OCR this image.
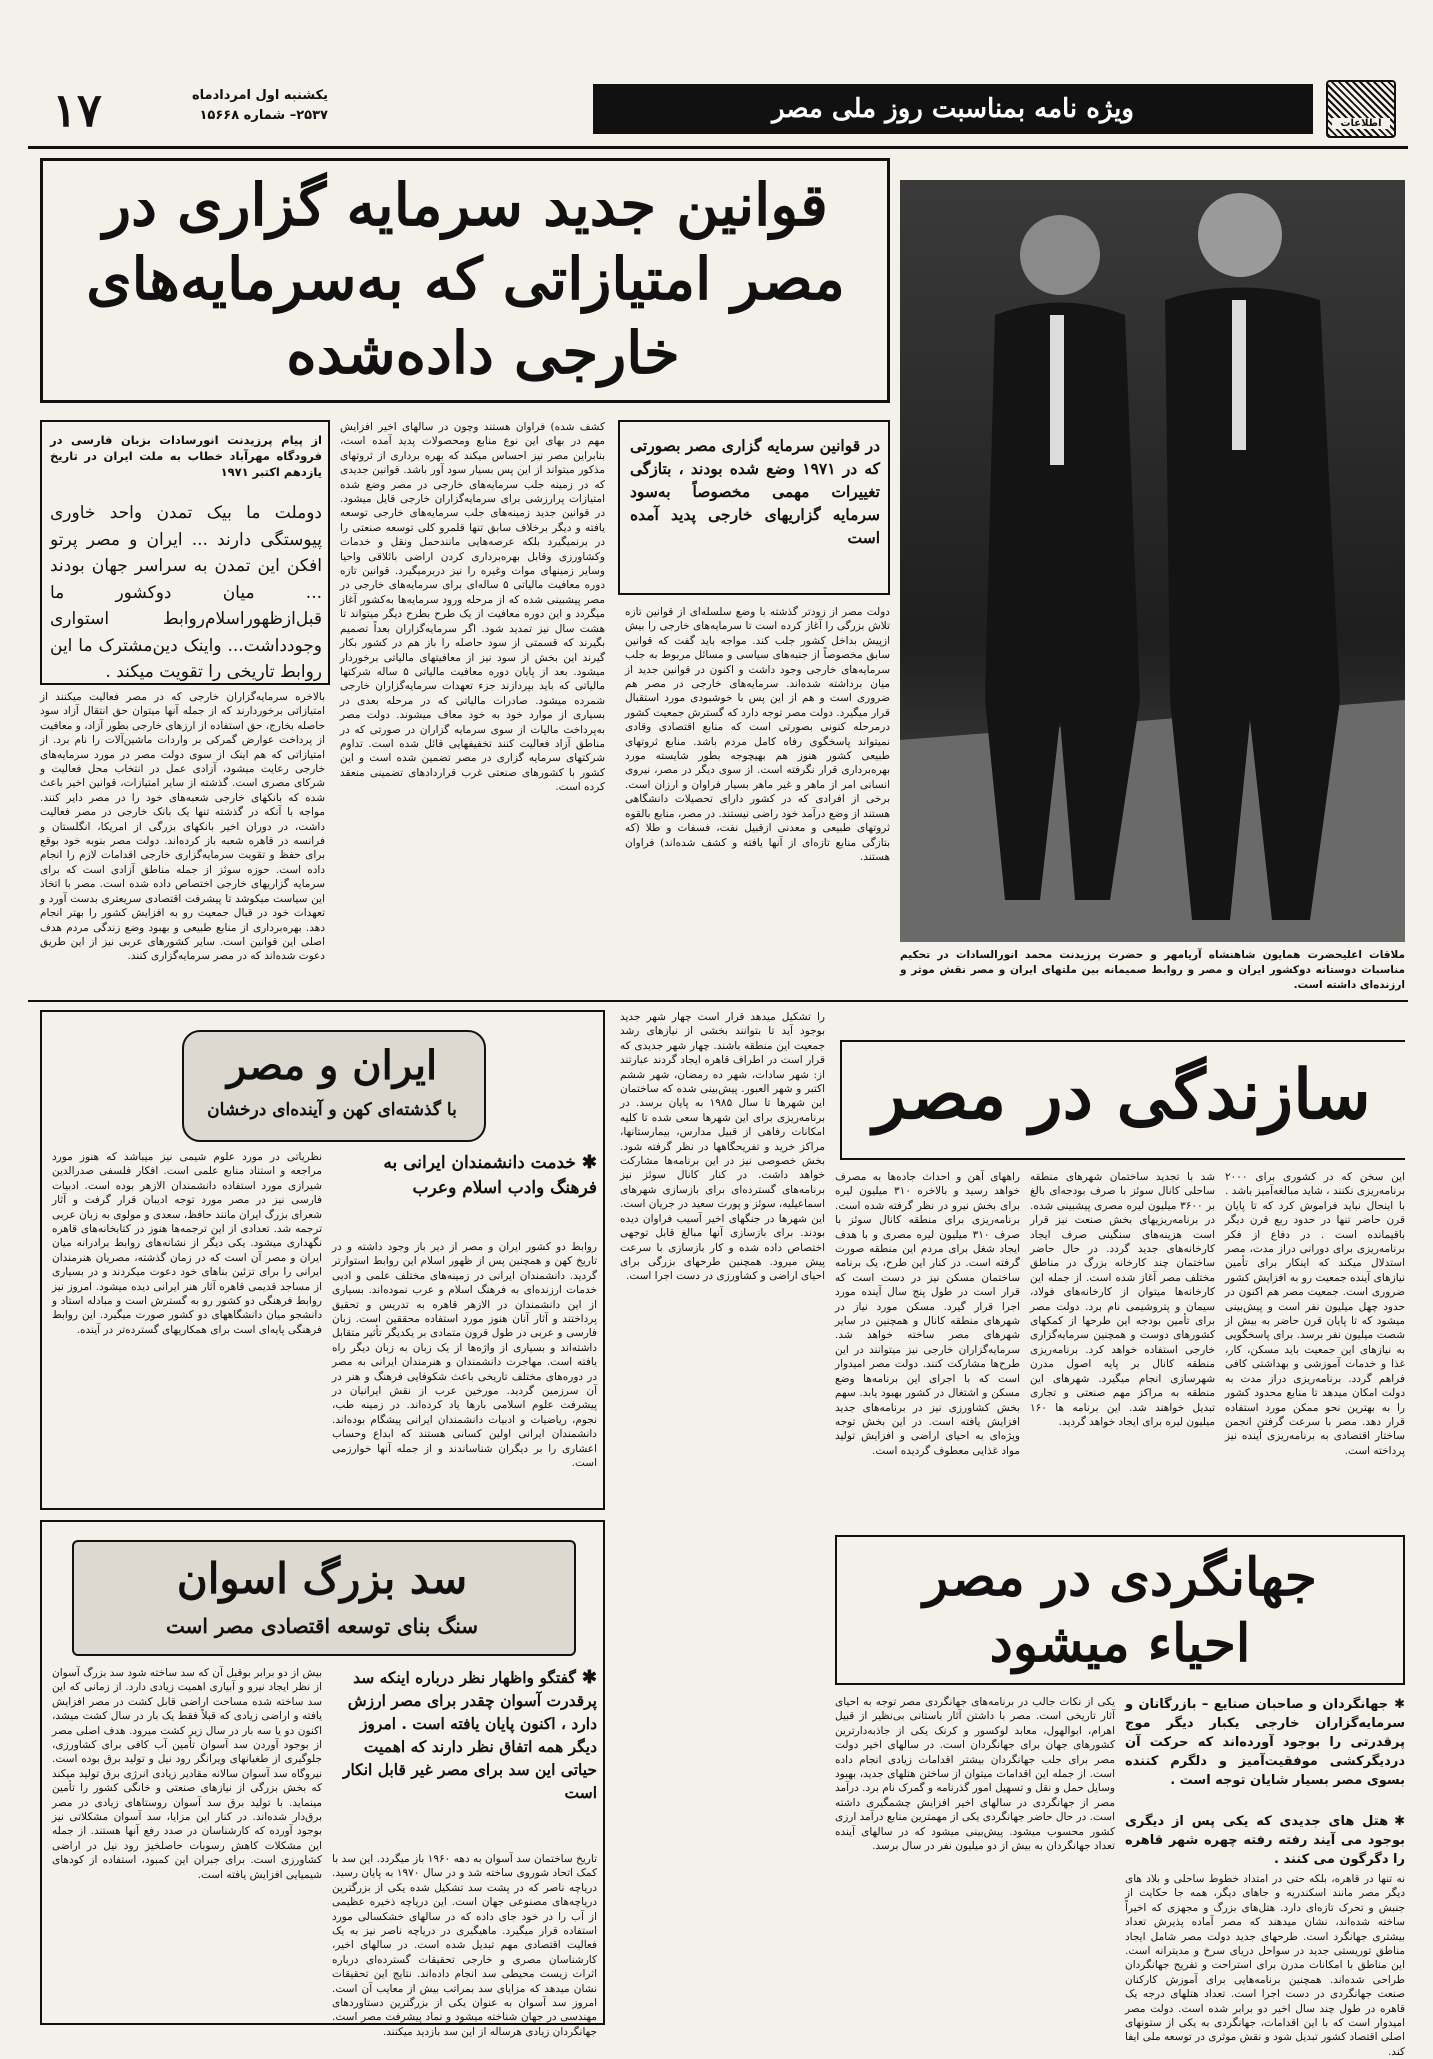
١٧	یکشنبه اول امردادماه
۲۵۳۷– شماره ۱۵۶۶۸	ویژه نامه بمناسبت روز ملی مصر	اطلاعات
قوانین جدید سرمایه گزاری در
مصر امتیازاتی که به‌سرمایه‌های
خارجی داده‌شده
در قوانین سرمایه گزاری مصر بصورتی که در ۱۹۷۱ وضع شده بودند ، بتازگی تغییرات مهمی مخصوصاً به‌سود سرمایه گزاریهای خارجی پدید آمده است
کشف شده) فراوان هستند وچون در سالهای اخیر افزایش مهم در بهای این نوع منابع ومحصولات پدید آمده است، بنابراین مصر نیز احساس میکند که بهره برداری از ثروتهای مذکور میتواند از این پس بسیار سود آور باشد. قوانین جدیدی که در زمینه جلب سرمایه‌های خارجی در مصر وضع شده امتیازات پرارزشی برای سرمایه‌گزاران خارجی قایل میشود. در قوانین جدید زمینه‌های جلب سرمایه‌های خارجی توسعه یافته و دیگر برخلاف سابق تنها قلمرو کلی توسعه صنعتی را در برنمیگیرد بلکه عرصه‌هایی مانندحمل ونقل و خدمات وکشاورزی وقابل بهره‌برداری کردن اراضی بائلاقی واحیا وسایر زمینهای موات وغیره را نیز دربرمیگیرد. قوانین تازه دوره معافیت مالیاتی ۵ ساله‌ای برای سرمایه‌های خارجی در مصر پیشبینی شده که از مرحله ورود سرمایه‌ها به‌کشور آغاز میگردد و این دوره معافیت از یک طرح بطرح دیگر میتواند تا هشت سال نیز تمدید شود. اگر سرمایه‌گزاران بعداً تصمیم بگیرند که قسمتی از سود حاصله را باز هم در کشور بکار گیرند این بخش از سود نیز از معافیتهای مالیاتی برخوردار میشود. بعد از پایان دوره معافیت مالیاتی ۵ ساله شرکتها مالیاتی که باید بپردازند جزء تعهدات سرمایه‌گزاران خارجی شمرده میشود. صادرات مالیاتی که در مرحله بعدی در بسیاری از موارد خود به خود معاف میشوند. دولت مصر به‌پرداخت مالیات از سوی سرمایه گزاران در صورتی که در مناطق آزاد فعالیت کنند تخفیفهایی قائل شده است. تداوم شرکتهای سرمایه گزاری در مصر تضمین شده است و این کشور با کشورهای صنعتی غرب قراردادهای تضمینی منعقد کرده است.
دولت مصر از زودتر گذشته با وضع سلسله‌ای از قوانین تازه تلاش بزرگی را آغاز کرده است تا سرمایه‌های خارجی را بیش ازپیش بداخل کشور جلب کند. مواجه باید گفت که قوانین سابق مخصوصاً از جنبه‌های سیاسی و مسائل مربوط به جلب سرمایه‌های خارجی وجود داشت و اکنون در قوانین جدید از میان برداشته شده‌اند. سرمایه‌های خارجی در مصر هم ضروری است و هم از این پس با خوشبودی مورد استقبال قرار میگیرد. دولت مصر توجه دارد که گسترش جمعیت کشور درمرحله کنونی بصورتی است که منابع اقتصادی وقادی نمیتواند پاسخگوی رفاه کامل مردم باشد. منابع ثروتهای طبیعی کشور هنوز هم بهیچوجه بطور شایسته مورد بهره‌برداری قرار نگرفته است. از سوی دیگر در مصر، نیروی انسانی امر از ماهر و غیر ماهر بسیار فراوان و ارزان است. برخی از افرادی که در کشور دارای تحصیلات دانشگاهی هستند از وضع درآمد خود راضی نیستند. در مصر، منابع بالقوه ثروتهای طبیعی و معدنی ازقبیل نفت، فسفات و طلا (که بتازگی منابع تازه‌ای از آنها یافته و کشف شده‌اند) فراوان هستند.
بالاخره سرمایه‌گزاران خارجی که در مصر فعالیت میکنند از امتیازاتی برخوردارند که از جمله آنها میتوان حق انتقال آزاد سود حاصله بخارج، حق استفاده از ارزهای خارجی بطور آزاد، و معافیت از پرداخت عوارض گمرکی بر واردات ماشین‌آلات را نام برد. از امتیازاتی که هم اینک از سوی دولت مصر در مورد سرمایه‌های خارجی رعایت میشود، آزادی عمل در انتخاب محل فعالیت و شرکای مصری است. گذشته از سایر امتیازات، قوانین اخیر باعث شده که بانکهای خارجی شعبه‌های خود را در مصر دایر کنند. مواجه با آنکه در گذشته تنها یک بانک خارجی در مصر فعالیت داشت، در دوران اخیر بانکهای بزرگی از امریکا، انگلستان و فرانسه در قاهره شعبه باز کرده‌اند. دولت مصر بنوبه خود بوقع برای حفظ و تقویت سرمایه‌گزاری خارجی اقدامات لازم را انجام داده است. حوزه سوئز از جمله مناطق آزادی است که برای سرمایه گزاریهای خارجی اختصاص داده شده است. مصر با اتخاذ این سیاست میکوشد تا پیشرفت اقتصادی سریعتری بدست آورد و تعهدات خود در قبال جمعیت رو به افزایش کشور را بهتر انجام دهد. بهره‌برداری از منابع طبیعی و بهبود وضع زندگی مردم هدف اصلی این قوانین است. سایر کشورهای عربی نیز از این طریق دعوت شده‌اند که در مصر سرمایه‌گزاری کنند.
از پیام پرزیدنت انورسادات بزبان فارسی در فرودگاه مهرآباد خطاب به ملت ایران در تاریخ یازدهم اکتبر ۱۹۷۱
دوملت ما بیک تمدن واحد خاوری پیوستگی دارند ... ایران و مصر پرتو افکن این تمدن به سراسر جهان بودند ... میان دوکشور ما قبل‌ازظهوراسلام‌روابط استواری وجودداشت... واینک دین‌مشترک ما این روابط تاریخی را تقویت میکند .
ملاقات اعلیحضرت همایون شاهنشاه آریامهر و حضرت پرزیدنت محمد انورالسادات در تحکیم مناسبات دوستانه دوکشور ایران و مصر و روابط صمیمانه بین ملتهای ایران و مصر نقش موثر و ارزنده‌ای داشته است.
ایران و مصر
با گذشته‌ای کهن و آینده‌ای درخشان
✱خدمت دانشمندان ایرانی به فرهنگ وادب اسلام وعرب
روابط دو کشور ایران و مصر از دیر باز وجود داشته و در تاریخ کهن و همچنین پس از ظهور اسلام این روابط استوارتر گردید. دانشمندان ایرانی در زمینه‌های مختلف علمی و ادبی خدمات ارزنده‌ای به فرهنگ اسلام و عرب نموده‌اند. بسیاری از این دانشمندان در الازهر قاهره به تدریس و تحقیق پرداختند و آثار آنان هنوز مورد استفاده محققین است. زبان فارسی و عربی در طول قرون متمادی بر یکدیگر تأثیر متقابل داشته‌اند و بسیاری از واژه‌ها از یک زبان به زبان دیگر راه یافته است. مهاجرت دانشمندان و هنرمندان ایرانی به مصر در دوره‌های مختلف تاریخی باعث شکوفایی فرهنگ و هنر در آن سرزمین گردید. مورخین عرب از نقش ایرانیان در پیشرفت علوم اسلامی بارها یاد کرده‌اند. در زمینه طب، نجوم، ریاضیات و ادبیات دانشمندان ایرانی پیشگام بوده‌اند. دانشمندان ایرانی اولین کسانی هستند که ابداع وحساب اعشاری را بر دیگران شناساندند و از جمله آنها خوارزمی است.
نظریاتی در مورد علوم شیمی نیز میباشد که هنوز مورد مراجعه و استناد منابع علمی است. افکار فلسفی صدرالدین شیرازی مورد استفاده دانشمندان الازهر بوده است. ادبیات فارسی نیز در مصر مورد توجه ادیبان قرار گرفت و آثار شعرای بزرگ ایران مانند حافظ، سعدی و مولوی به زبان عربی ترجمه شد. تعدادی از این ترجمه‌ها هنوز در کتابخانه‌های قاهره نگهداری میشود. یکی دیگر از نشانه‌های روابط برادرانه میان ایران و مصر آن است که در زمان گذشته، مصریان هنرمندان ایرانی را برای تزئین بناهای خود دعوت میکردند و در بسیاری از مساجد قدیمی قاهره آثار هنر ایرانی دیده میشود. امروز نیز روابط فرهنگی دو کشور رو به گسترش است و مبادله استاد و دانشجو میان دانشگاههای دو کشور صورت میگیرد. این روابط فرهنگی پایه‌ای است برای همکاریهای گسترده‌تر در آینده.
سد بزرگ اسوان
سنگ بنای توسعه اقتصادی مصر است
✱گفتگو واظهار نظر درباره اینکه سد پرقدرت آسوان چقدر برای مصر ارزش دارد ، اکنون پایان یافته است . امروز دیگر همه اتفاق نظر دارند که اهمیت حیاتی این سد برای مصر غیر قابل انکار است
تاریخ ساختمان سد آسوان به دهه ۱۹۶۰ باز میگردد. این سد با کمک اتحاد شوروی ساخته شد و در سال ۱۹۷۰ به پایان رسید. دریاچه ناصر که در پشت سد تشکیل شده یکی از بزرگترین دریاچه‌های مصنوعی جهان است. این دریاچه ذخیره عظیمی از آب را در خود جای داده که در سالهای خشکسالی مورد استفاده قرار میگیرد. ماهیگیری در دریاچه ناصر نیز به یک فعالیت اقتصادی مهم تبدیل شده است. در سالهای اخیر، کارشناسان مصری و خارجی تحقیقات گسترده‌ای درباره اثرات زیست محیطی سد انجام داده‌اند. نتایج این تحقیقات نشان میدهد که مزایای سد بمراتب بیش از معایب آن است. امروز سد آسوان به عنوان یکی از بزرگترین دستاوردهای مهندسی در جهان شناخته میشود و نماد پیشرفت مصر است. جهانگردان زیادی هرساله از این سد بازدید میکنند.
بیش از دو برابر بوقبل آن که سد ساخته شود سد بزرگ آسوان از نظر ایجاد نیرو و آبیاری اهمیت زیادی دارد. از زمانی که این سد ساخته شده مساحت اراضی قابل کشت در مصر افزایش یافته و اراضی زیادی که قبلاً فقط یک بار در سال کشت میشد، اکنون دو یا سه بار در سال زیر کشت میرود. هدف اصلی مصر از بوجود آوردن سد آسوان تأمین آب کافی برای کشاورزی، جلوگیری از طغیانهای ویرانگر رود نیل و تولید برق بوده است. نیروگاه سد آسوان سالانه مقادیر زیادی انرژی برق تولید میکند که بخش بزرگی از نیازهای صنعتی و خانگی کشور را تأمین مینماید. با تولید برق سد آسوان روستاهای زیادی در مصر برق‌دار شده‌اند. در کنار این مزایا، سد آسوان مشکلاتی نیز بوجود آورده که کارشناسان در صدد رفع آنها هستند. از جمله این مشکلات کاهش رسوبات حاصلخیز رود نیل در اراضی کشاورزی است. برای جبران این کمبود، استفاده از کودهای شیمیایی افزایش یافته است.
سازندگی در مصر
این سخن که در کشوری برای ۲۰۰۰ برنامه‌ریزی نکنند ، شاید مبالغه‌آمیز باشد . با اینحال نباید فراموش کرد که تا پایان قرن حاضر تنها در حدود ربع قرن دیگر باقیمانده است . در دفاع از فکر برنامه‌ریزی برای دورانی دراز مدت، مصر استدلال میکند که اینکار برای تأمین نیازهای آینده جمعیت رو به افزایش کشور ضروری است. جمعیت مصر هم اکنون در حدود چهل میلیون نفر است و پیش‌بینی میشود که تا پایان قرن حاضر به بیش از شصت میلیون نفر برسد. برای پاسخگویی به نیازهای این جمعیت باید مسکن، کار، غذا و خدمات آموزشی و بهداشتی کافی فراهم گردد. برنامه‌ریزی دراز مدت به دولت امکان میدهد تا منابع محدود کشور را به بهترین نحو ممکن مورد استفاده قرار دهد. مصر با سرعت گرفتن انجمن ساختار اقتصادی به برنامه‌ریزی آینده نیز پرداخته است.
شد با تجدید ساختمان شهرهای منطقه ساحلی کانال سوئز با صرف بودجه‌ای بالغ بر ۳۶۰۰ میلیون لیره مصری پیشبینی شده. در برنامه‌ریزیهای بخش صنعت نیز قرار است هزینه‌های سنگینی صرف ایجاد کارخانه‌های جدید گردد. در حال حاضر ساختمان چند کارخانه بزرگ در مناطق مختلف مصر آغاز شده است. از جمله این کارخانه‌ها میتوان از کارخانه‌های فولاد، سیمان و پتروشیمی نام برد. دولت مصر برای تأمین بودجه این طرحها از کمکهای کشورهای دوست و همچنین سرمایه‌گزاری خارجی استفاده خواهد کرد. برنامه‌ریزی منطقه کانال بر پایه اصول مدرن شهرسازی انجام میگیرد. شهرهای این منطقه به مراکز مهم صنعتی و تجاری تبدیل خواهند شد. این برنامه ها ۱۶۰ میلیون لیره برای ایجاد خواهد گردید.
راههای آهن و احداث جاده‌ها به مصرف خواهد رسید و بالاخره ۳۱۰ میلیون لیره برای بخش نیرو در نظر گرفته شده است. برنامه‌ریزی برای منطقه کانال سوئز با صرف ۳۱۰ میلیون لیره مصری و با هدف ایجاد شغل برای مردم این منطقه صورت گرفته است. در کنار این طرح، یک برنامه ساختمان مسکن نیز در دست است که قرار است در طول پنج سال آینده مورد اجرا قرار گیرد. مسکن مورد نیاز در شهرهای منطقه کانال و همچنین در سایر شهرهای مصر ساخته خواهد شد. سرمایه‌گزاران خارجی نیز میتوانند در این طرح‌ها مشارکت کنند. دولت مصر امیدوار است که با اجرای این برنامه‌ها وضع مسکن و اشتغال در کشور بهبود یابد. سهم بخش کشاورزی نیز در برنامه‌های جدید افزایش یافته است. در این بخش توجه ویژه‌ای به احیای اراضی و افزایش تولید مواد غذایی معطوف گردیده است.
را تشکیل میدهد قرار است چهار شهر جدید بوجود آید تا بتوانند بخشی از نیازهای رشد جمعیت این منطقه باشند. چهار شهر جدیدی که قرار است در اطراف قاهره ایجاد گردند عبارتند از: شهر سادات، شهر ده رمضان، شهر ششم اکتبر و شهر العبور. پیش‌بینی شده که ساختمان این شهرها تا سال ۱۹۸۵ به پایان برسد. در برنامه‌ریزی برای این شهرها سعی شده تا کلیه امکانات رفاهی از قبیل مدارس، بیمارستانها، مراکز خرید و تفریحگاهها در نظر گرفته شود. بخش خصوصی نیز در این برنامه‌ها مشارکت خواهد داشت. در کنار کانال سوئز نیز برنامه‌های گسترده‌ای برای بازسازی شهرهای اسماعیلیه، سوئز و پورت سعید در جریان است. این شهرها در جنگهای اخیر آسیب فراوان دیده بودند. برای بازسازی آنها مبالغ قابل توجهی اختصاص داده شده و کار بازسازی با سرعت پیش میرود. همچنین طرحهای بزرگی برای احیای اراضی و کشاورزی در دست اجرا است.
جهانگردی در مصر
احیاء میشود
✱جهانگردان و صاحبان صنایع – بازرگانان و سرمایه‌گزاران خارجی یکبار دیگر موج پرقدرتی را بوجود آورده‌اند که حرکت آن دردیگرکشی موفقیت‌آمیز و دلگرم کننده بسوی مصر بسیار شایان توجه است .
✱هتل های جدیدی که یکی پس از دیگری بوجود می آیند رفته رفته چهره شهر قاهره را دگرگون می کنند .
نه تنها در قاهره، بلکه حتی در امتداد خطوط ساحلی و بلاد های دیگر مصر مانند اسکندریه و جاهای دیگر، همه جا حکایت از جنبش و تحرک تازه‌ای دارد. هتل‌های بزرگ و مجهزی که اخیراً ساخته شده‌اند، نشان میدهند که مصر آماده پذیرش تعداد بیشتری جهانگرد است. طرحهای جدید دولت مصر شامل ایجاد مناطق توریستی جدید در سواحل دریای سرخ و مدیترانه است. این مناطق با امکانات مدرن برای استراحت و تفریح جهانگردان طراحی شده‌اند. همچنین برنامه‌هایی برای آموزش کارکنان صنعت جهانگردی در دست اجرا است. تعداد هتلهای درجه یک قاهره در طول چند سال اخیر دو برابر شده است. دولت مصر امیدوار است که با این اقدامات، جهانگردی به یکی از ستونهای اصلی اقتصاد کشور تبدیل شود و نقش موثری در توسعه ملی ایفا کند.
یکی از نکات جالب در برنامه‌های جهانگردی مصر توجه به احیای آثار تاریخی است. مصر با داشتن آثار باستانی بی‌نظیر از قبیل اهرام، ابوالهول، معابد لوکسور و کرنک یکی از جاذبه‌دارترین کشورهای جهان برای جهانگردان است. در سالهای اخیر دولت مصر برای جلب جهانگردان بیشتر اقدامات زیادی انجام داده است. از جمله این اقدامات میتوان از ساختن هتلهای جدید، بهبود وسایل حمل و نقل و تسهیل امور گذرنامه و گمرک نام برد. درآمد مصر از جهانگردی در سالهای اخیر افزایش چشمگیری داشته است. در حال حاضر جهانگردی یکی از مهمترین منابع درآمد ارزی کشور محسوب میشود. پیش‌بینی میشود که در سالهای آینده تعداد جهانگردان به بیش از دو میلیون نفر در سال برسد.
